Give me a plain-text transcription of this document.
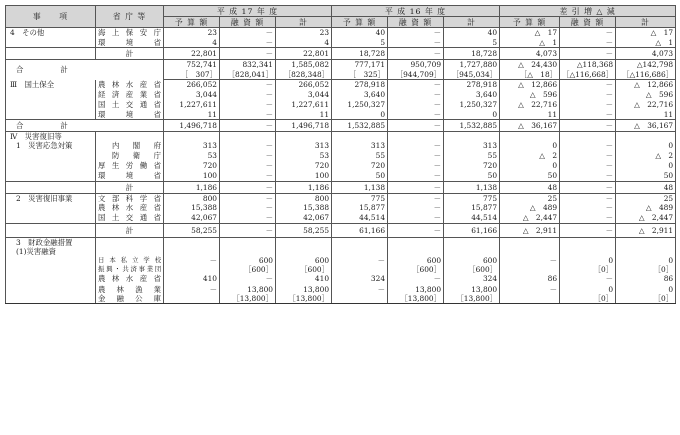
事　　項	省 庁 等	平 成 17 年 度			平 成 16 年 度			差 引 増 △ 減		
		予 算 額	融 資 額	計	予 算 額	融 資 額	計	予 算 額	融 資 額	計
4　その他	海 上 保 安 庁	23	－	23	40	－	40	△　17	－	△　17
	環　境　省	4	－	4	5	－	5	△　1	－	△　1
	計	22,801	－	22,801	18,728	－	18,728	4,073	－	4,073
合　　　　　計		752,741	832,341	1,585,082	777,171	950,709	1,727,880	△　24,430	△118,368	△142,798
		［　307］	［828,041］	［828,348］	［　325］	［944,709］	［945,034］	［△　18］	［△116,668］	［△116,686］
Ⅲ　国土保全	農 林 水 産 省	266,052	－	266,052	278,918	－	278,918	△　12,866	－	△　12,866
	経 済 産 業 省	3,044	－	3,044	3,640	－	3,640	△　596	－	△　596
	国 土 交 通 省	1,227,611	－	1,227,611	1,250,327	－	1,250,327	△　22,716	－	△　22,716
	環　境　省	11	－	11	0	－	0	11	－	11
合　　　　　計		1,496,718	－	1,496,718	1,532,885	－	1,532,885	△　36,167	－	△　36,167
Ⅳ　災害復旧等										
1　災害応急対策	内　閣　府	313	－	313	313	－	313	0	－	0
	防　衛　庁	53	－	53	55	－	55	△　2	－	△　2
	厚 生 労 働 省	720	－	720	720	－	720	0	－	0
	環　境　省	100	－	100	50	－	50	50	－	50
	計	1,186	－	1,186	1,138	－	1,138	48	－	48
2　災害復旧事業	文 部 科 学 省	800	－	800	775	－	775	25	－	25
	農 林 水 産 省	15,388	－	15,388	15,877	－	15,877	△　489	－	△　489
	国 土 交 通 省	42,067	－	42,067	44,514	－	44,514	△　2,447	－	△　2,447
	計	58,255	－	58,255	61,166	－	61,166	△　2,911	－	△　2,911
3　財政金融措置										
(1)災害融資										
	日本私立学校	－	600	600	－	600	600	－	0	0
	振興・共済事業団		［600］	［600］		［600］	［600］		［0］	［0］
	農 林 水 産 省	410	－	410	324	－	324	86	－	86
	農　林　漁　業	－	13,800	13,800	－	13,800	13,800	－	0	0
	金　融　公　庫		［13,800］	［13,800］		［13,800］	［13,800］		［0］	［0］
